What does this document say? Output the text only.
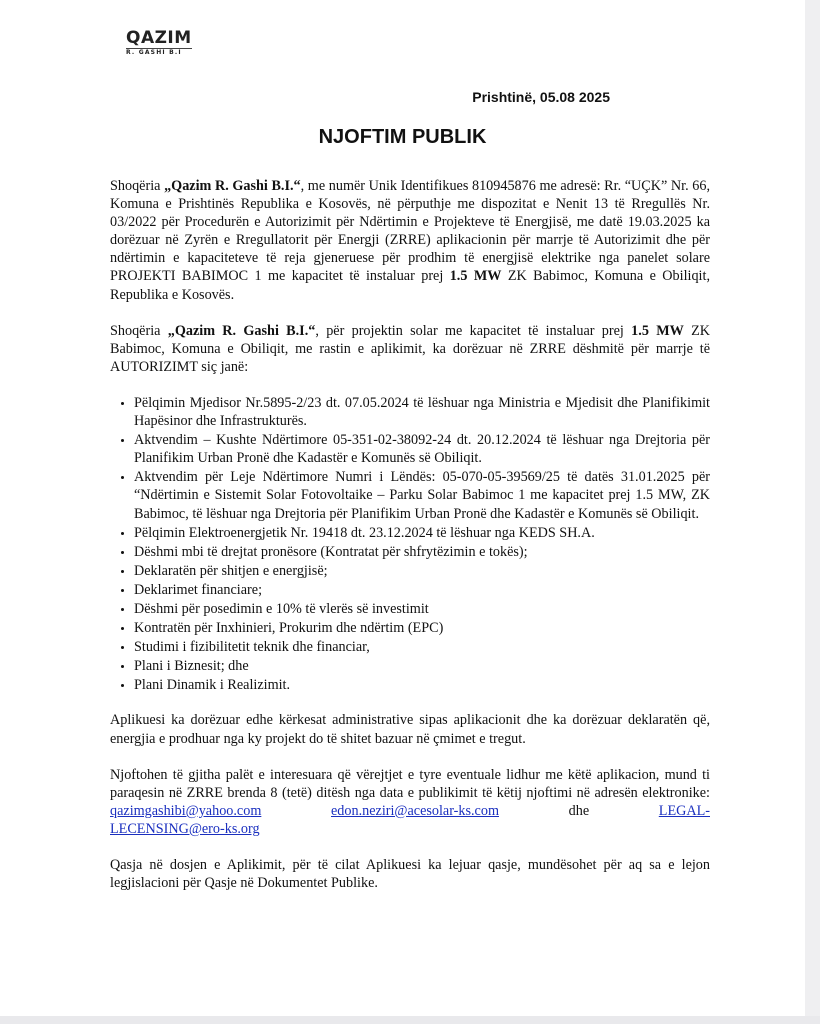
QAZIM
R. GASHI B.I
Prishtinë, 05.08 2025
NJOFTIM PUBLIK

Shoqëria „Qazim R. Gashi B.I.“, me numër Unik Identifikues 810945876 me adresë: Rr. “UÇK” Nr. 66, Komuna e Prishtinës Republika e Kosovës, në përputhje me dispozitat e Nenit 13 të Rregullës Nr. 03/2022 për Procedurën e Autorizimit për Ndërtimin e Projekteve të Energjisë, me datë 19.03.2025 ka dorëzuar në Zyrën e Rregullatorit për Energji (ZRRE) aplikacionin për marrje të Autorizimit dhe për ndërtimin e kapaciteteve të reja gjeneruese për prodhim të energjisë elektrike nga panelet solare PROJEKTI BABIMOC 1 me kapacitet të instaluar prej 1.5 MW ZK Babimoc, Komuna e Obiliqit, Republika e Kosovës.

Shoqëria „Qazim R. Gashi B.I.“, për projektin solar me kapacitet të instaluar prej 1.5 MW ZK Babimoc, Komuna e Obiliqit, me rastin e aplikimit, ka dorëzuar në ZRRE dëshmitë për marrje të AUTORIZIMT siç janë:

• Pëlqimin Mjedisor Nr.5895-2/23 dt. 07.05.2024 të lëshuar nga Ministria e Mjedisit dhe Planifikimit Hapësinor dhe Infrastrukturës.
• Aktvendim – Kushte Ndërtimore 05-351-02-38092-24 dt. 20.12.2024 të lëshuar nga Drejtoria për Planifikim Urban Pronë dhe Kadastër e Komunës së Obiliqit.
• Aktvendim për Leje Ndërtimore Numri i Lëndës: 05-070-05-39569/25 të datës 31.01.2025 për “Ndërtimin e Sistemit Solar Fotovoltaike – Parku Solar Babimoc 1 me kapacitet prej 1.5 MW, ZK Babimoc, të lëshuar nga Drejtoria për Planifikim Urban Pronë dhe Kadastër e Komunës së Obiliqit.
• Pëlqimin Elektroenergjetik Nr. 19418 dt. 23.12.2024 të lëshuar nga KEDS SH.A.
• Dëshmi mbi të drejtat pronësore (Kontratat për shfrytëzimin e tokës);
• Deklaratën për shitjen e energjisë;
• Deklarimet financiare;
• Dëshmi për posedimin e 10% të vlerës së investimit
• Kontratën për Inxhinieri, Prokurim dhe ndërtim (EPC)
• Studimi i fizibilitetit teknik dhe financiar,
• Plani i Biznesit; dhe
• Plani Dinamik i Realizimit.

Aplikuesi ka dorëzuar edhe kërkesat administrative sipas aplikacionit dhe ka dorëzuar deklaratën që, energjia e prodhuar nga ky projekt do të shitet bazuar në çmimet e tregut.

Njoftohen të gjitha palët e interesuara që vërejtjet e tyre eventuale lidhur me këtë aplikacion, mund ti paraqesin në ZRRE brenda 8 (tetë) ditësh nga data e publikimit të këtij njoftimi në adresën elektronike: qazimgashibi@yahoo.com	edon.neziri@acesolar-ks.com	dhe	LEGAL-LECENSING@ero-ks.org

Qasja në dosjen e Aplikimit, për të cilat Aplikuesi ka lejuar qasje, mundësohet për aq sa e lejon legjislacioni për Qasje në Dokumentet Publike.
